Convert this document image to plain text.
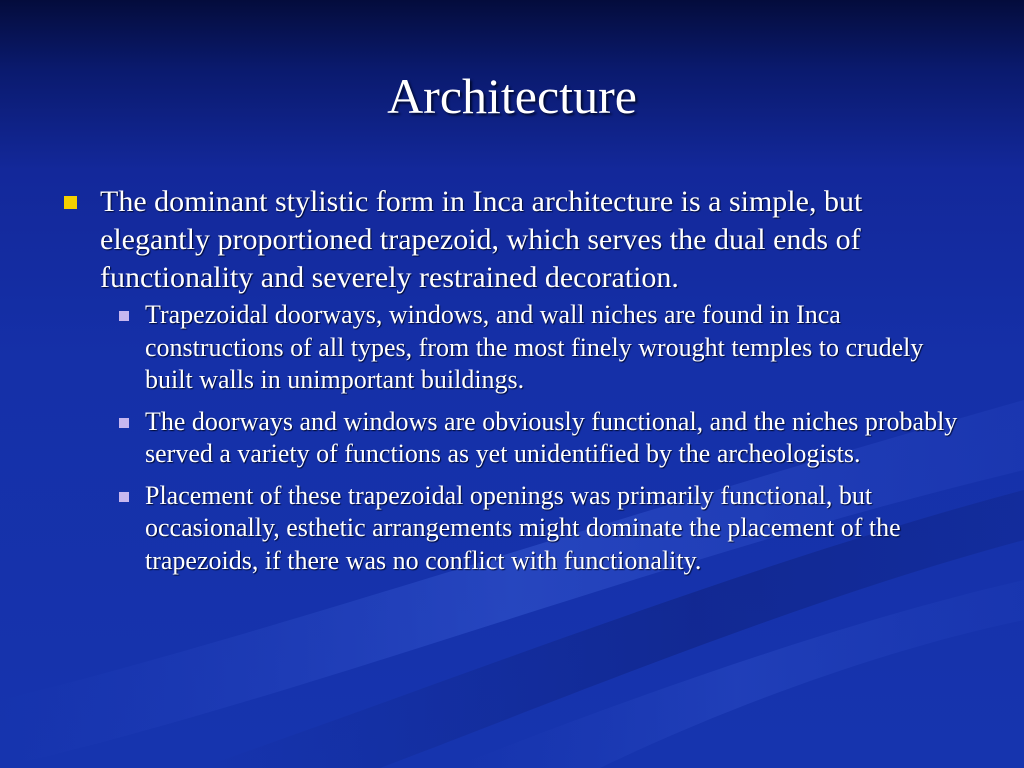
Architecture
The dominant stylistic form in Inca architecture is a simple, but elegantly proportioned trapezoid, which serves the dual ends of functionality and severely restrained decoration.
Trapezoidal doorways, windows, and wall niches are found in Inca constructions of all types, from the most finely wrought temples to crudely built walls in unimportant buildings.
The doorways and windows are obviously functional, and the niches probably served a variety of functions as yet unidentified by the archeologists.
Placement of these trapezoidal openings was primarily functional, but occasionally, esthetic arrangements might dominate the placement of the trapezoids, if there was no conflict with functionality.
